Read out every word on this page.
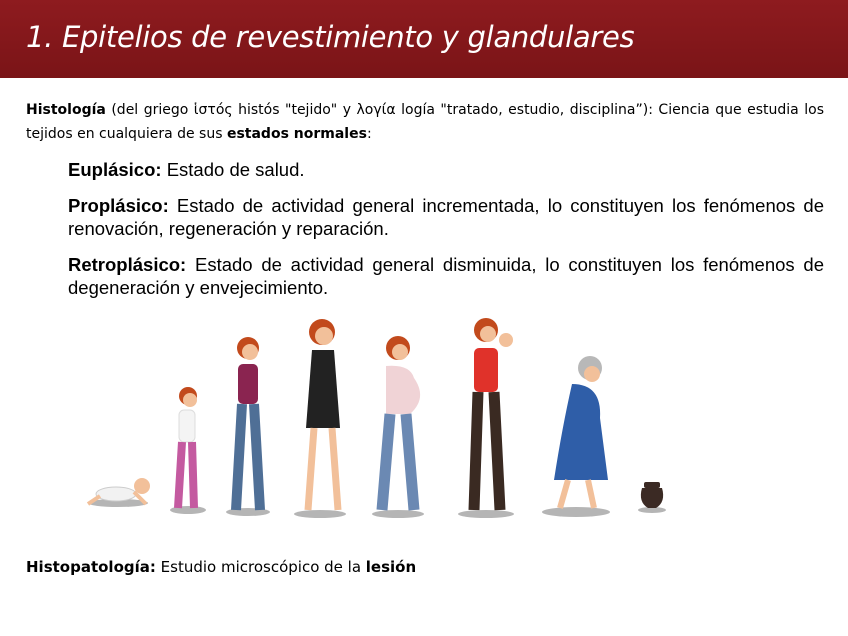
1. Epitelios de revestimiento y glandulares
Histología (del griego ἱστός histós "tejido" y λογία logía "tratado, estudio, disciplina”): Ciencia que estudia los tejidos en cualquiera de sus estados normales:

Euplásico: Estado de salud.

Proplásico: Estado de actividad general incrementada, lo constituyen los fenómenos de renovación, regeneración y reparación.

Retroplásico: Estado de actividad general disminuida, lo constituyen los fenómenos de degeneración y envejecimiento.

Histopatología: Estudio microscópico de la lesión
